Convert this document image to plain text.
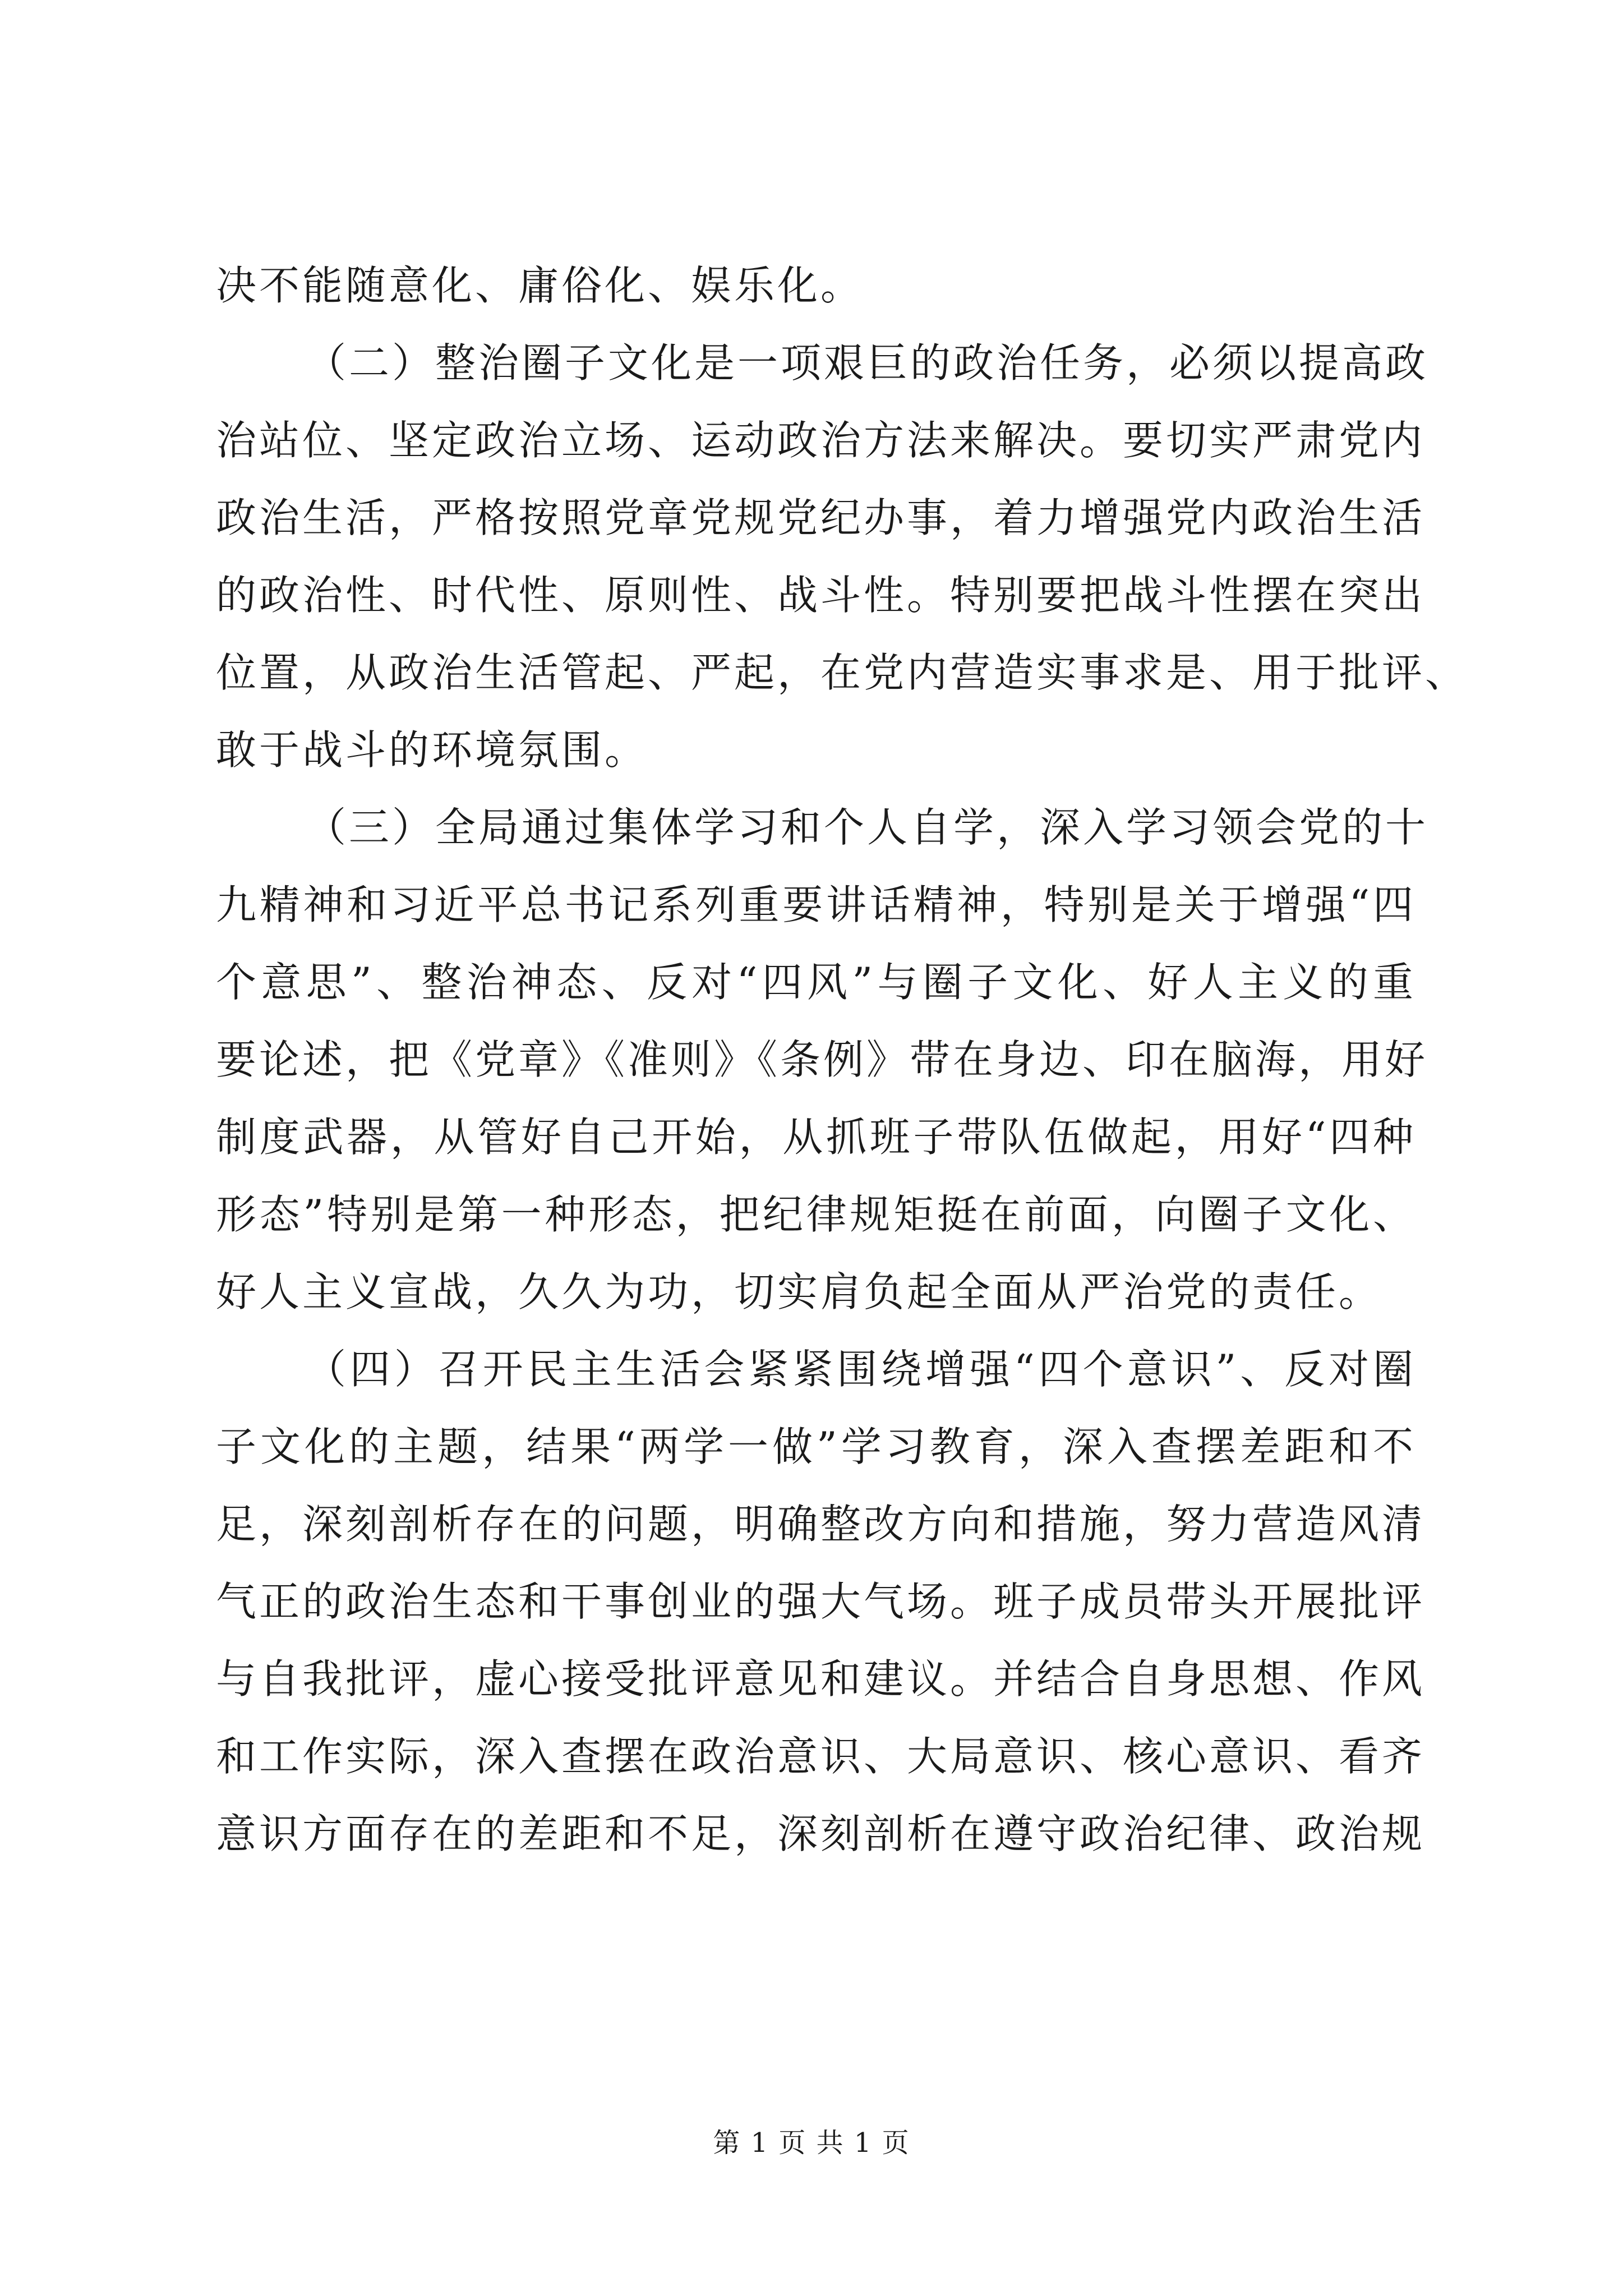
决不能随意化、庸俗化、娱乐化。
（二）整治圈子文化是一项艰巨的政治任务，必须以提高政
治站位、坚定政治立场、运动政治方法来解决。要切实严肃党内
政治生活，严格按照党章党规党纪办事，着力增强党内政治生活
的政治性、时代性、原则性、战斗性。特别要把战斗性摆在突出
位置，从政治生活管起、严起，在党内营造实事求是、用于批评、
敢于战斗的环境氛围。
（三）全局通过集体学习和个人自学，深入学习领会党的十
九精神和习近平总书记系列重要讲话精神，特别是关于增强“四
个意思”、整治神态、反对“四风”与圈子文化、好人主义的重
要论述，把《党章》《准则》《条例》带在身边、印在脑海，用好
制度武器，从管好自己开始，从抓班子带队伍做起，用好“四种
形态”特别是第一种形态，把纪律规矩挺在前面，向圈子文化、
好人主义宣战，久久为功，切实肩负起全面从严治党的责任。
（四）召开民主生活会紧紧围绕增强“四个意识”、反对圈
子文化的主题，结果“两学一做”学习教育，深入查摆差距和不
足，深刻剖析存在的问题，明确整改方向和措施，努力营造风清
气正的政治生态和干事创业的强大气场。班子成员带头开展批评
与自我批评，虚心接受批评意见和建议。并结合自身思想、作风
和工作实际，深入查摆在政治意识、大局意识、核心意识、看齐
意识方面存在的差距和不足，深刻剖析在遵守政治纪律、政治规
第 1 页 共 1 页
